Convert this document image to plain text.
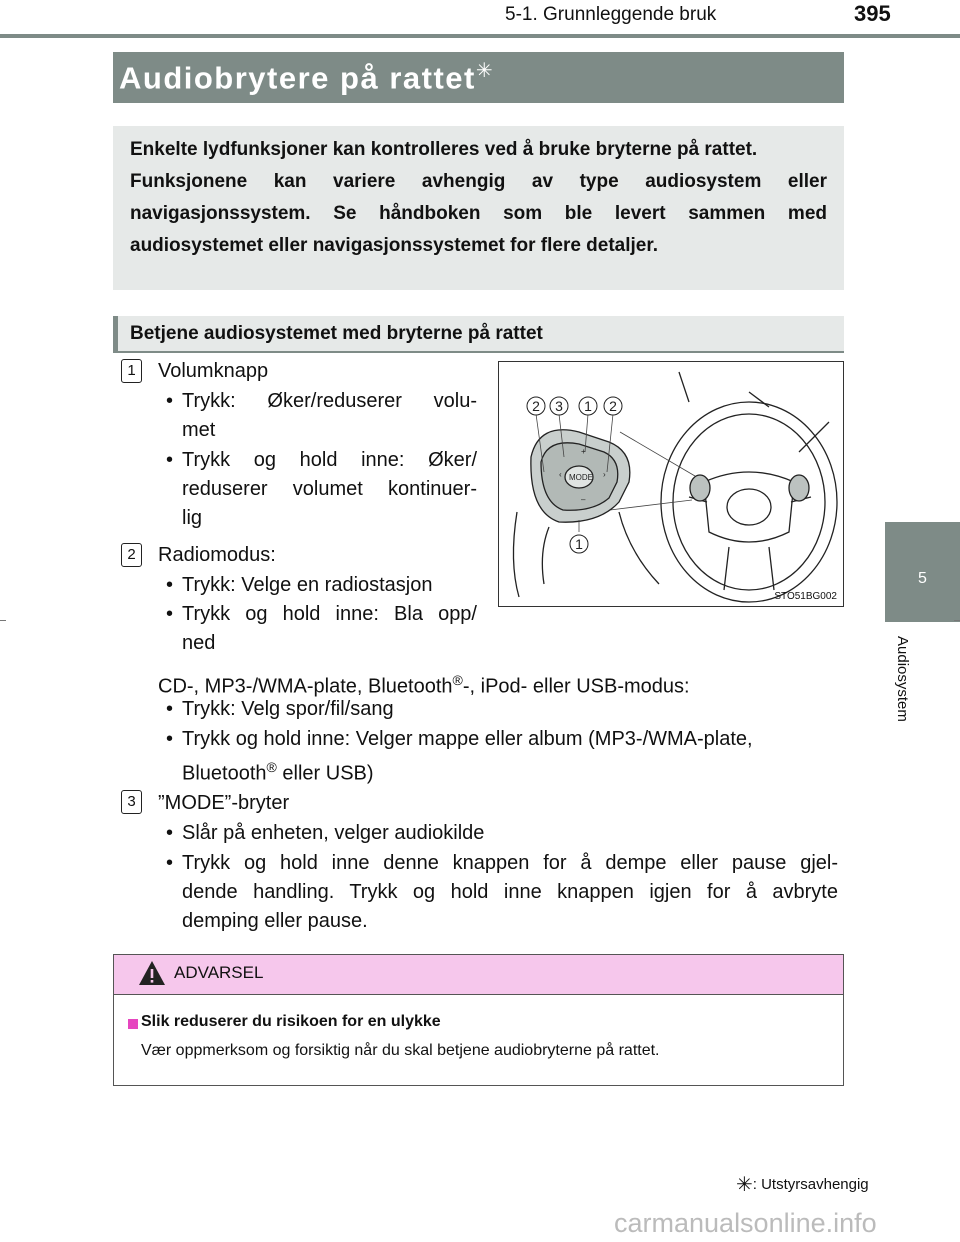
5-1. Grunnleggende bruk	395
5
Audiosystem
Audiobrytere på rattet✳

Enkelte lydfunksjoner kan kontrolleres ved å bruke bryterne på rattet.

Funksjonene kan variere avhengig av type audiosystem eller navigasjonssystem. Se håndboken som ble levert sammen med audiosystemet eller navigasjonssystemet for flere detaljer.

Betjene audiosystemet med bryterne på rattet
1	Volumknapp
• Trykk: Øker/reduserer volu-
met
• Trykk og hold inne: Øker/
reduserer volumet kontinuer-
lig
2	Radiomodus:
• Trykk: Velge en radiostasjon
• Trykk og hold inne: Bla opp/
ned
CD-, MP3-/WMA-plate, Bluetooth®-, iPod- eller USB-modus:
• Trykk: Velg spor/fil/sang
• Trykk og hold inne: Velger mappe eller album (MP3-/WMA-plate,
Bluetooth® eller USB)
3	”MODE”-bryter
• Slår på enheten, velger audiokilde
• Trykk og hold inne denne knappen for å dempe eller pause gjel-
dende handling. Trykk og hold inne knappen igjen for å avbryte
demping eller pause.
MODE
+
–
‹	›
2 3 1 2
1
STO51BG002
ADVARSEL
Slik reduserer du risikoen for en ulykke
Vær oppmerksom og forsiktig når du skal betjene audiobryterne på rattet.
✳: Utstyrsavhengig
carmanualsonline.info
